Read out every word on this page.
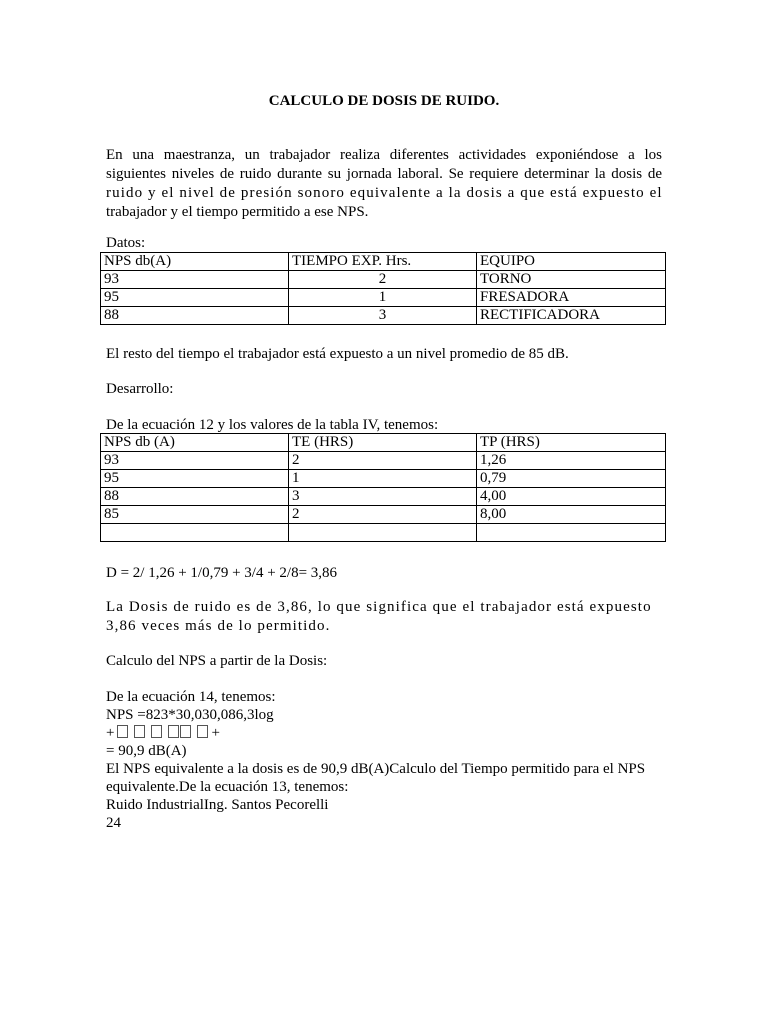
CALCULO DE DOSIS DE RUIDO.
En una maestranza, un trabajador realiza diferentes actividades exponiéndose a los
siguientes niveles de ruido durante su jornada laboral. Se requiere determinar la dosis de
ruido y el nivel de presión sonoro equivalente a la dosis a que está expuesto el
trabajador y el tiempo permitido a ese NPS.
Datos:
NPS db(A)	TIEMPO EXP. Hrs.	EQUIPO
93	2	TORNO
95	1	FRESADORA
88	3	RECTIFICADORA
El resto del tiempo el trabajador está expuesto a un nivel promedio de 85 dB.
Desarrollo:
De la ecuación 12 y los valores de la tabla IV, tenemos:
NPS db (A)	TE (HRS)	TP (HRS)
93	2	1,26
95	1	0,79
88	3	4,00
85	2	8,00

D = 2/ 1,26 + 1/0,79 + 3/4 + 2/8= 3,86
La Dosis de ruido es de 3,86, lo que significa que el trabajador está expuesto
3,86 veces más de lo permitido.
Calculo del NPS a partir de la Dosis:
De la ecuación 14, tenemos:
NPS =823*30,030,086,3log
+	+
= 90,9 dB(A)
El NPS equivalente a la dosis es de 90,9 dB(A)Calculo del Tiempo permitido para el NPS
equivalente.De la ecuación 13, tenemos:
Ruido IndustrialIng. Santos Pecorelli
24
